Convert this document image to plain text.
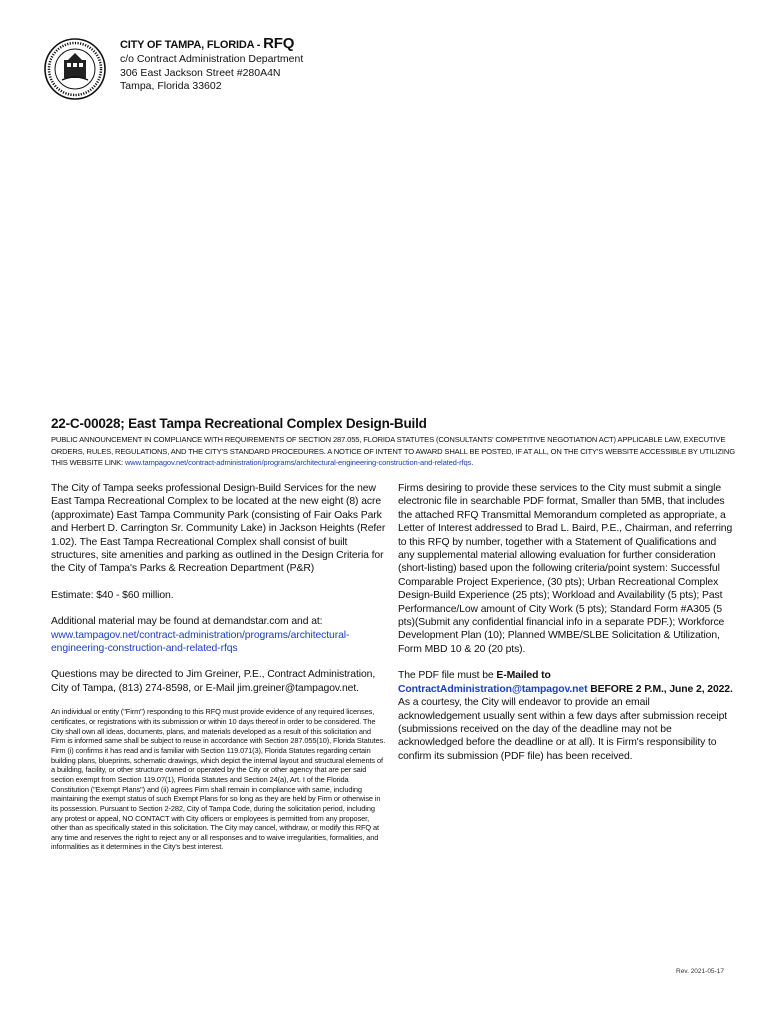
CITY OF TAMPA, FLORIDA - RFQ
c/o Contract Administration Department
306 East Jackson Street #280A4N
Tampa, Florida 33602
22-C-00028; East Tampa Recreational Complex Design-Build
PUBLIC ANNOUNCEMENT IN COMPLIANCE WITH REQUIREMENTS OF SECTION 287.055, FLORIDA STATUTES (CONSULTANTS' COMPETITIVE NEGOTIATION ACT) APPLICABLE LAW, EXECUTIVE ORDERS, RULES, REGULATIONS, AND THE CITY'S STANDARD PROCEDURES. A NOTICE OF INTENT TO AWARD SHALL BE POSTED, IF AT ALL, ON THE CITY'S WEBSITE ACCESSIBLE BY UTILIZING THIS WEBSITE LINK: www.tampagov.net/contract-administration/programs/architectural-engineering-construction-and-related-rfqs.
The City of Tampa seeks professional Design-Build Services for the new East Tampa Recreational Complex to be located at the new eight (8) acre (approximate) East Tampa Community Park (consisting of Fair Oaks Park and Herbert D. Carrington Sr. Community Lake) in Jackson Heights (Refer 1.02). The East Tampa Recreational Complex shall consist of built structures, site amenities and parking as outlined in the Design Criteria for the City of Tampa's Parks & Recreation Department (P&R)
Estimate: $40 - $60 million.
Additional material may be found at demandstar.com and at: www.tampagov.net/contract-administration/programs/architectural-engineering-construction-and-related-rfqs
Questions may be directed to Jim Greiner, P.E., Contract Administration, City of Tampa, (813) 274-8598, or E-Mail jim.greiner@tampagov.net.
An individual or entity ("Firm") responding to this RFQ must provide evidence of any required licenses, certificates, or registrations with its submission or within 10 days thereof in order to be considered. The City shall own all ideas, documents, plans, and materials developed as a result of this solicitation and Firm is informed same shall be subject to reuse in accordance with Section 287.055(10), Florida Statutes. Firm (i) confirms it has read and is familiar with Section 119.071(3), Florida Statutes regarding certain building plans, blueprints, schematic drawings, which depict the internal layout and structural elements of a building, facility, or other structure owned or operated by the City or other agency that are per said section exempt from Section 119.07(1), Florida Statutes and Section 24(a), Art. I of the Florida Constitution ("Exempt Plans") and (ii) agrees Firm shall remain in compliance with same, including maintaining the exempt status of such Exempt Plans for so long as they are held by Firm or otherwise in its possession. Pursuant to Section 2-282, City of Tampa Code, during the solicitation period, including any protest or appeal, NO CONTACT with City officers or employees is permitted from any proposer, other than as specifically stated in this solicitation. The City may cancel, withdraw, or modify this RFQ at any time and reserves the right to reject any or all responses and to waive irregularities, formalities, and informalities as it determines in the City's best interest.
Firms desiring to provide these services to the City must submit a single electronic file in searchable PDF format, Smaller than 5MB, that includes the attached RFQ Transmittal Memorandum completed as appropriate, a Letter of Interest addressed to Brad L. Baird, P.E., Chairman, and referring to this RFQ by number, together with a Statement of Qualifications and any supplemental material allowing evaluation for further consideration (short-listing) based upon the following criteria/point system: Successful Comparable Project Experience, (30 pts); Urban Recreational Complex Design-Build Experience (25 pts); Workload and Availability (5 pts); Past Performance/Low amount of City Work (5 pts); Standard Form #A305 (5 pts)(Submit any confidential financial info in a separate PDF.); Workforce Development Plan (10); Planned WMBE/SLBE Solicitation & Utilization, Form MBD 10 & 20 (20 pts).
The PDF file must be E-Mailed to ContractAdministration@tampagov.net BEFORE 2 P.M., June 2, 2022. As a courtesy, the City will endeavor to provide an email acknowledgement usually sent within a few days after submission receipt (submissions received on the day of the deadline may not be acknowledged before the deadline or at all). It is Firm's responsibility to confirm its submission (PDF file) has been received.
Rev. 2021-05-17
